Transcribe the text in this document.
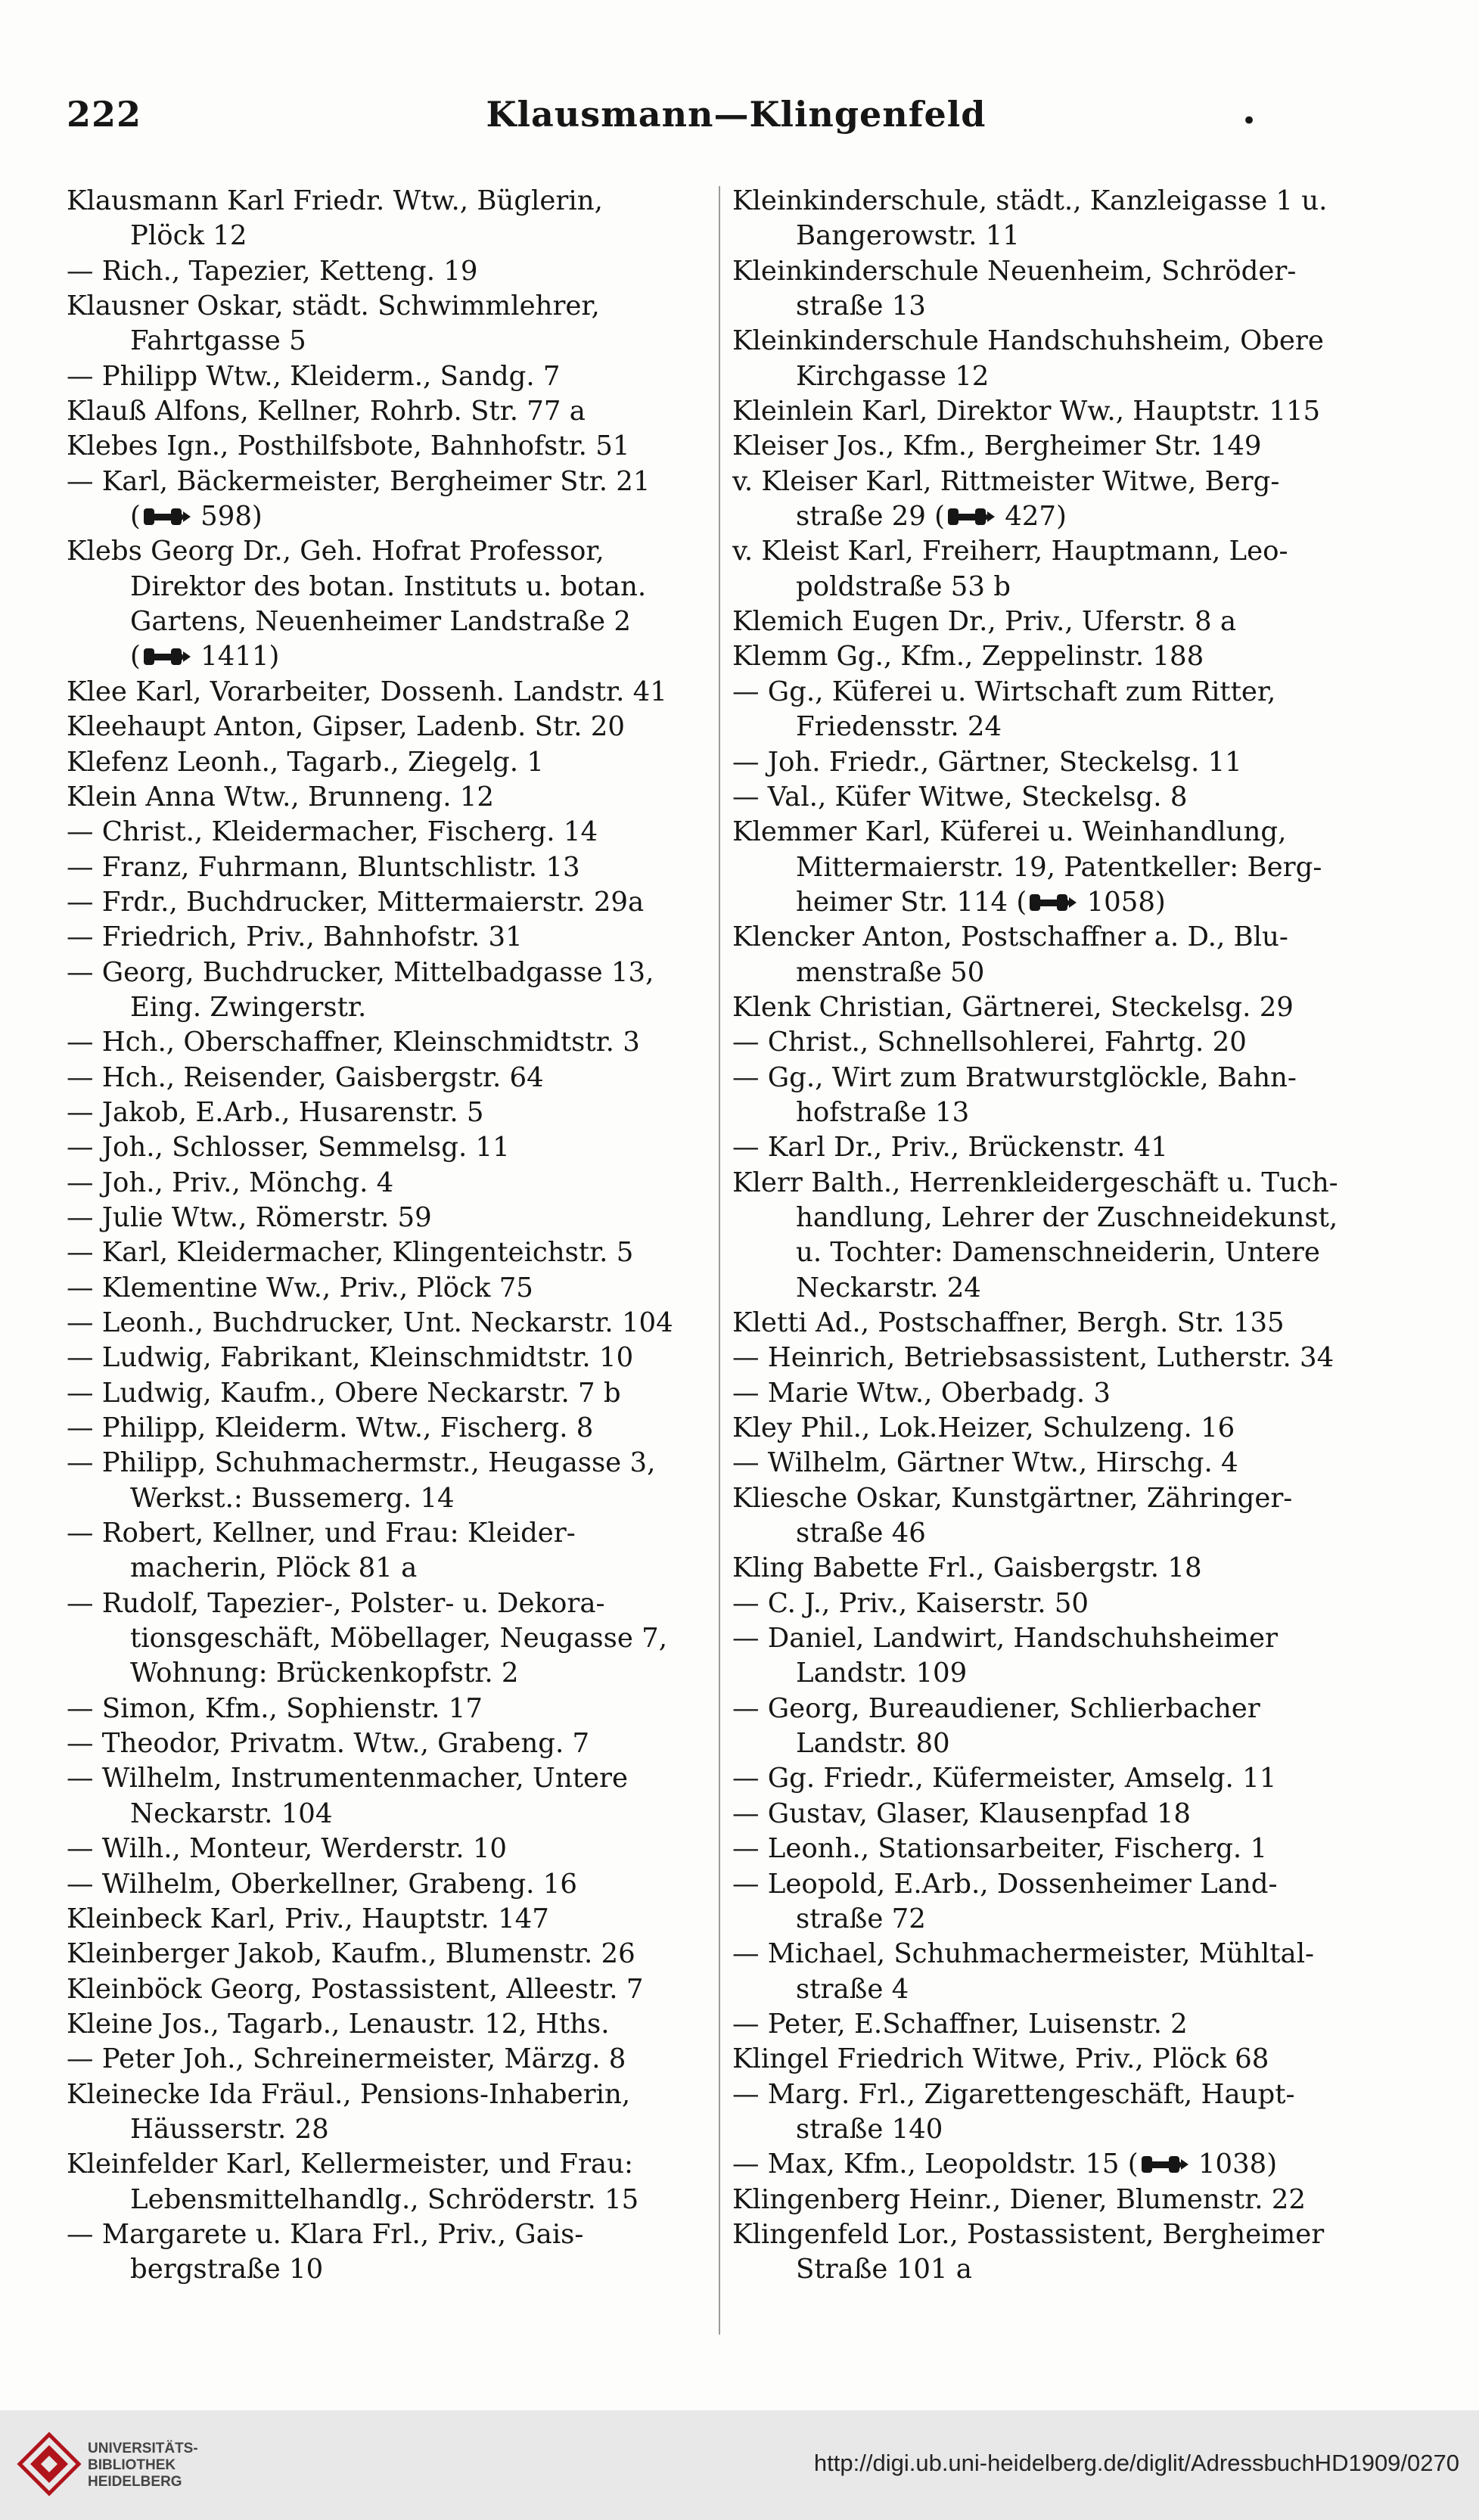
222	Klausmann—Klingenfeld	•
Klausmann Karl Friedr. Wtw., Büglerin,
Plöck 12
— Rich., Tapezier, Ketteng. 19
Klausner Oskar, städt. Schwimmlehrer,
Fahrtgasse 5
— Philipp Wtw., Kleiderm., Sandg. 7
Klauß Alfons, Kellner, Rohrb. Str. 77 a
Klebes Ign., Posthilfsbote, Bahnhofstr. 51
— Karl, Bäckermeister, Bergheimer Str. 21
( 598)
Klebs Georg Dr., Geh. Hofrat Professor,
Direktor des botan. Instituts u. botan.
Gartens, Neuenheimer Landstraße 2
( 1411)
Klee Karl, Vorarbeiter, Dossenh. Landstr. 41
Kleehaupt Anton, Gipser, Ladenb. Str. 20
Klefenz Leonh., Tagarb., Ziegelg. 1
Klein Anna Wtw., Brunneng. 12
— Christ., Kleidermacher, Fischerg. 14
— Franz, Fuhrmann, Bluntschlistr. 13
— Frdr., Buchdrucker, Mittermaierstr. 29a
— Friedrich, Priv., Bahnhofstr. 31
— Georg, Buchdrucker, Mittelbadgasse 13,
Eing. Zwingerstr.
— Hch., Oberschaffner, Kleinschmidtstr. 3
— Hch., Reisender, Gaisbergstr. 64
— Jakob, E.Arb., Husarenstr. 5
— Joh., Schlosser, Semmelsg. 11
— Joh., Priv., Mönchg. 4
— Julie Wtw., Römerstr. 59
— Karl, Kleidermacher, Klingenteichstr. 5
— Klementine Ww., Priv., Plöck 75
— Leonh., Buchdrucker, Unt. Neckarstr. 104
— Ludwig, Fabrikant, Kleinschmidtstr. 10
— Ludwig, Kaufm., Obere Neckarstr. 7 b
— Philipp, Kleiderm. Wtw., Fischerg. 8
— Philipp, Schuhmachermstr., Heugasse 3,
Werkst.: Bussemerg. 14
— Robert, Kellner, und Frau: Kleider-
macherin, Plöck 81 a
— Rudolf, Tapezier-, Polster- u. Dekora-
tionsgeschäft, Möbellager, Neugasse 7,
Wohnung: Brückenkopfstr. 2
— Simon, Kfm., Sophienstr. 17
— Theodor, Privatm. Wtw., Grabeng. 7
— Wilhelm, Instrumentenmacher, Untere
Neckarstr. 104
— Wilh., Monteur, Werderstr. 10
— Wilhelm, Oberkellner, Grabeng. 16
Kleinbeck Karl, Priv., Hauptstr. 147
Kleinberger Jakob, Kaufm., Blumenstr. 26
Kleinböck Georg, Postassistent, Alleestr. 7
Kleine Jos., Tagarb., Lenaustr. 12, Hths.
— Peter Joh., Schreinermeister, Märzg. 8
Kleinecke Ida Fräul., Pensions-Inhaberin,
Häusserstr. 28
Kleinfelder Karl, Kellermeister, und Frau:
Lebensmittelhandlg., Schröderstr. 15
— Margarete u. Klara Frl., Priv., Gais-
bergstraße 10
Kleinkinderschule, städt., Kanzleigasse 1 u.
Bangerowstr. 11
Kleinkinderschule Neuenheim, Schröder-
straße 13
Kleinkinderschule Handschuhsheim, Obere
Kirchgasse 12
Kleinlein Karl, Direktor Ww., Hauptstr. 115
Kleiser Jos., Kfm., Bergheimer Str. 149
v. Kleiser Karl, Rittmeister Witwe, Berg-
straße 29 ( 427)
v. Kleist Karl, Freiherr, Hauptmann, Leo-
poldstraße 53 b
Klemich Eugen Dr., Priv., Uferstr. 8 a
Klemm Gg., Kfm., Zeppelinstr. 188
— Gg., Küferei u. Wirtschaft zum Ritter,
Friedensstr. 24
— Joh. Friedr., Gärtner, Steckelsg. 11
— Val., Küfer Witwe, Steckelsg. 8
Klemmer Karl, Küferei u. Weinhandlung,
Mittermaierstr. 19, Patentkeller: Berg-
heimer Str. 114 ( 1058)
Klencker Anton, Postschaffner a. D., Blu-
menstraße 50
Klenk Christian, Gärtnerei, Steckelsg. 29
— Christ., Schnellsohlerei, Fahrtg. 20
— Gg., Wirt zum Bratwurstglöckle, Bahn-
hofstraße 13
— Karl Dr., Priv., Brückenstr. 41
Klerr Balth., Herrenkleidergeschäft u. Tuch-
handlung, Lehrer der Zuschneidekunst,
u. Tochter: Damenschneiderin, Untere
Neckarstr. 24
Kletti Ad., Postschaffner, Bergh. Str. 135
— Heinrich, Betriebsassistent, Lutherstr. 34
— Marie Wtw., Oberbadg. 3
Kley Phil., Lok.Heizer, Schulzeng. 16
— Wilhelm, Gärtner Wtw., Hirschg. 4
Kliesche Oskar, Kunstgärtner, Zähringer-
straße 46
Kling Babette Frl., Gaisbergstr. 18
— C. J., Priv., Kaiserstr. 50
— Daniel, Landwirt, Handschuhsheimer
Landstr. 109
— Georg, Bureaudiener, Schlierbacher
Landstr. 80
— Gg. Friedr., Küfermeister, Amselg. 11
— Gustav, Glaser, Klausenpfad 18
— Leonh., Stationsarbeiter, Fischerg. 1
— Leopold, E.Arb., Dossenheimer Land-
straße 72
— Michael, Schuhmachermeister, Mühltal-
straße 4
— Peter, E.Schaffner, Luisenstr. 2
Klingel Friedrich Witwe, Priv., Plöck 68
— Marg. Frl., Zigarettengeschäft, Haupt-
straße 140
— Max, Kfm., Leopoldstr. 15 ( 1038)
Klingenberg Heinr., Diener, Blumenstr. 22
Klingenfeld Lor., Postassistent, Bergheimer
Straße 101 a
UNIVERSITÄTS-
BIBLIOTHEK
HEIDELBERG
http://digi.ub.uni-heidelberg.de/diglit/AdressbuchHD1909/0270
